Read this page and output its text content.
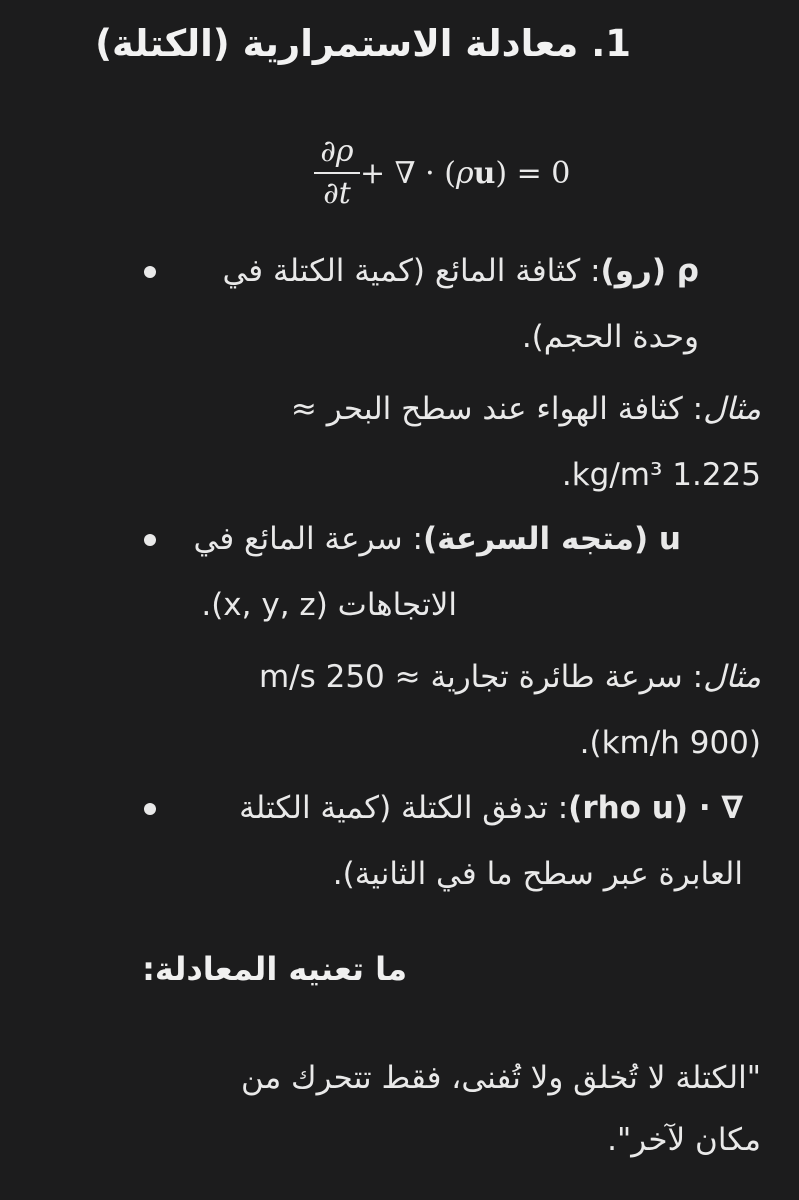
1. معادلة الاستمرارية (الكتلة)
∂ρ
∂t
+ ∇ · (ρu) = 0
ρ (رو): كثافة المائع (كمية الكتلة في
وحدة الحجم).
مثال: كثافة الهواء عند سطح البحر ≈
1.225 kg/m³.
u (متجه السرعة): سرعة المائع في
الاتجاهات (x, y, z).
مثال: سرعة طائرة تجارية ≈ 250 m/s
(900 km/h).
∇ · (rho u): تدفق الكتلة (كمية الكتلة
العابرة عبر سطح ما في الثانية).
ما تعنيه المعادلة:
"الكتلة لا تُخلق ولا تُفنى، فقط تتحرك من
مكان لآخر".
